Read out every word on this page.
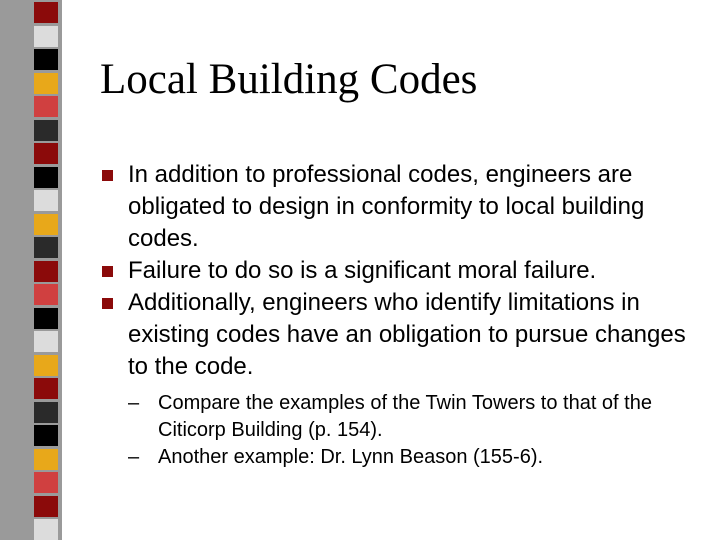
Local Building Codes
In addition to professional codes, engineers are obligated to design in conformity to local building codes.
Failure to do so is a significant moral failure.
Additionally, engineers who identify limitations in existing codes have an obligation to pursue changes to the code.
– Compare the examples of the Twin Towers to that of the Citicorp Building (p. 154).
– Another example: Dr. Lynn Beason (155-6).
